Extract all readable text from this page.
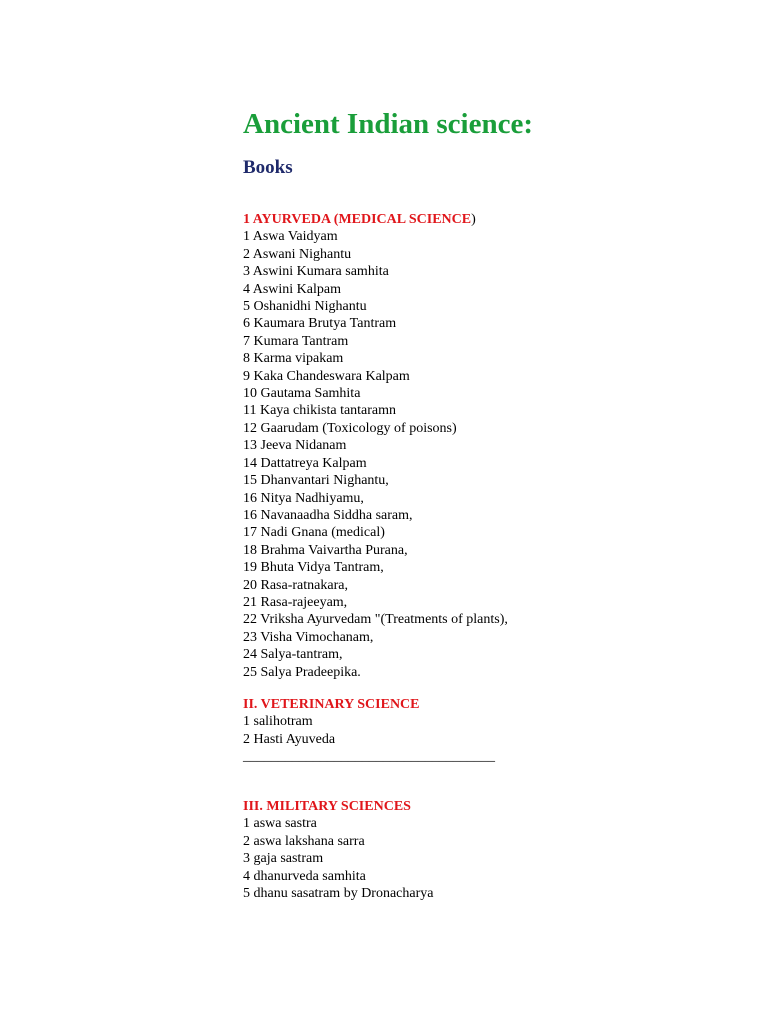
Ancient Indian science:
Books
1 AYURVEDA (MEDICAL SCIENCE)
1 Aswa Vaidyam
2 Aswani Nighantu
3 Aswini Kumara samhita
4 Aswini Kalpam
5 Oshanidhi Nighantu
6 Kaumara Brutya Tantram
7 Kumara Tantram
8 Karma vipakam
9 Kaka Chandeswara Kalpam
10 Gautama Samhita
11 Kaya chikista tantaramn
12 Gaarudam (Toxicology of poisons)
13 Jeeva Nidanam
14 Dattatreya Kalpam
15 Dhanvantari Nighantu,
16 Nitya Nadhiyamu,
16 Navanaadha Siddha saram,
17 Nadi Gnana (medical)
18 Brahma Vaivartha Purana,
19 Bhuta Vidya Tantram,
20 Rasa-ratnakara,
21 Rasa-rajeeyam,
22 Vriksha Ayurvedam "(Treatments of plants),
23 Visha Vimochanam,
24 Salya-tantram,
25 Salya Pradeepika.
II. VETERINARY SCIENCE
1 salihotram
2 Hasti Ayuveda
____________________________________
III. MILITARY SCIENCES
1 aswa sastra
2 aswa lakshana sarra
3 gaja sastram
4 dhanurveda samhita
5 dhanu sasatram by Dronacharya
